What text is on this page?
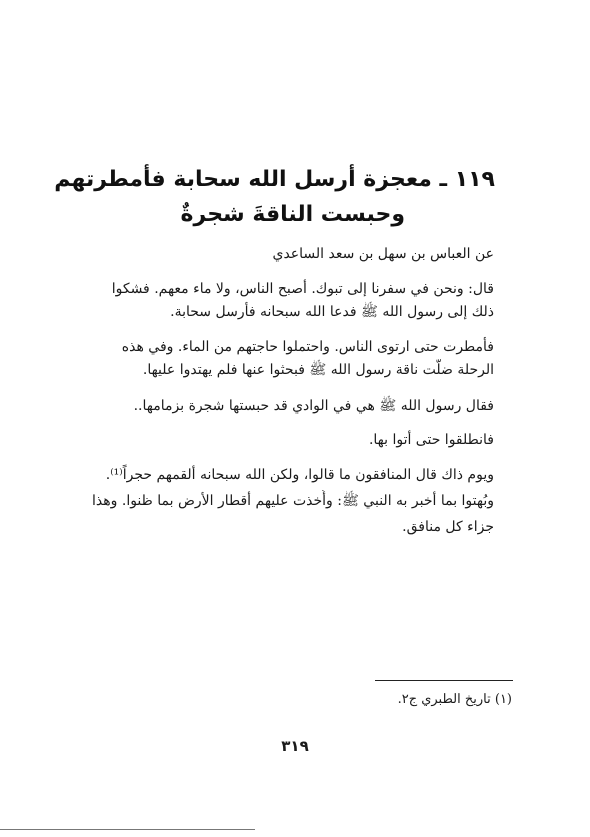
١١٩ ـ معجزة أرسل الله سحابة فأمطرتهم
وحبست الناقةَ شجرةٌ
عن العباس بن سهل بن سعد الساعدي
قال: ونحن في سفرنا إلى تبوك. أصبح الناس، ولا ماء معهم. فشكوا
ذلك إلى رسول الله ﷺ فدعا الله سبحانه فأرسل سحابة.
فأمطرت حتى ارتوى الناس. واحتملوا حاجتهم من الماء. وفي هذه
الرحلة ضلّت ناقة رسول الله ﷺ فبحثوا عنها فلم يهتدوا عليها.
فقال رسول الله ﷺ هي في الوادي قد حبستها شجرة بزمامها..
فانطلقوا حتى أتوا بها.
ويوم ذاك قال المنافقون ما قالوا، ولكن الله سبحانه ألقمهم حجراً⁽¹⁾.
وبُهتوا بما أخبر به النبي ﷺ: وأُخذت عليهم أقطار الأرض بما ظنوا. وهذا
جزاء كل منافق.
(١) تاريخ الطبري ج٢.
٣١٩
